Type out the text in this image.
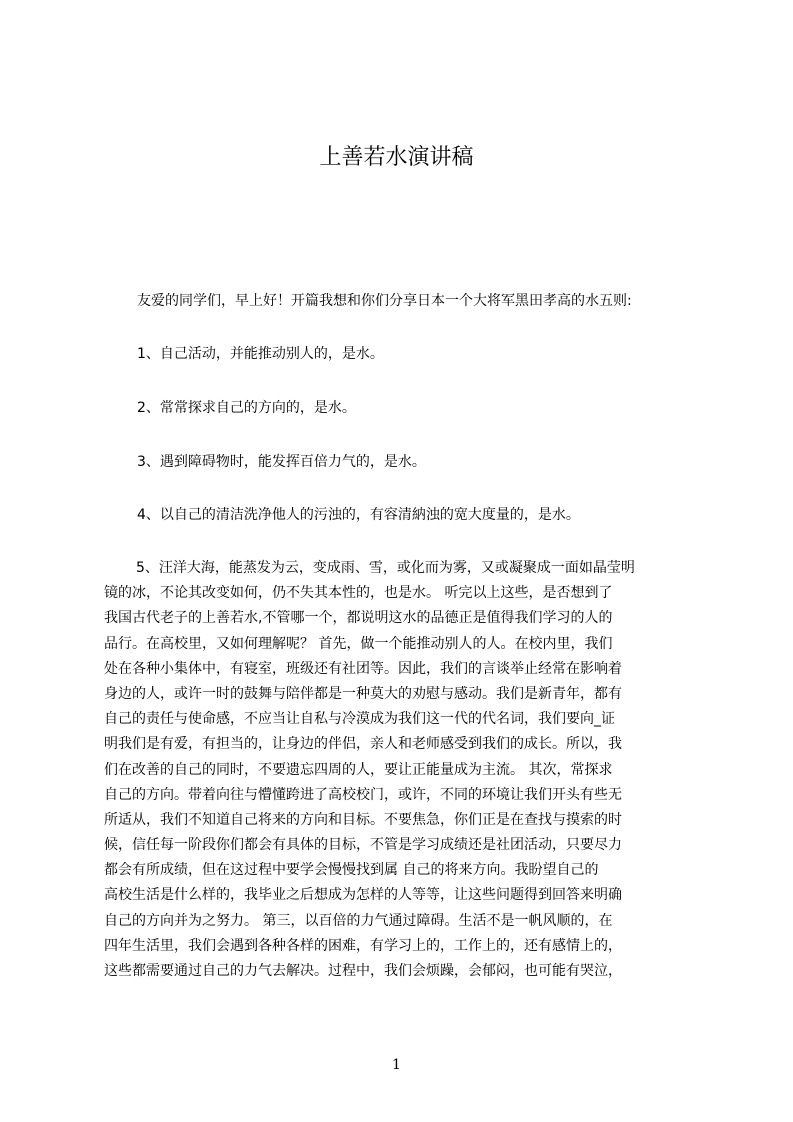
上善若水演讲稿

友爱的同学们，早上好！开篇我想和你们分享日本一个大将军黑田孝高的水五则:

1、自己活动，并能推动别人的，是水。

2、常常探求自己的方向的，是水。

3、遇到障碍物时，能发挥百倍力气的，是水。

4、以自己的清洁洗净他人的污浊的，有容清納浊的宽大度量的，是水。

5、汪洋大海，能蒸发为云，变成雨、雪，或化而为雾，又或凝聚成一面如晶莹明
镜的冰，不论其改变如何，仍不失其本性的，也是水。 听完以上这些，是否想到了
我国古代老子的上善若水,不管哪一个，都说明这水的品德正是值得我们学习的人的
品行。在高校里，又如何理解呢？ 首先，做一个能推动别人的人。在校内里，我们
处在各种小集体中，有寝室，班级还有社团等。因此，我们的言谈举止经常在影响着
身边的人，或许一时的鼓舞与陪伴都是一种莫大的劝慰与感动。我们是新青年，都有
自己的责任与使命感，不应当让自私与冷漠成为我们这一代的代名词，我们要向_证
明我们是有爱，有担当的，让身边的伴侣，亲人和老师感受到我们的成长。所以，我
们在改善的自己的同时，不要遗忘四周的人，要让正能量成为主流。 其次，常探求
自己的方向。带着向往与懵懂跨进了高校校门，或许，不同的环境让我们开头有些无
所适从，我们不知道自己将来的方向和目标。不要焦急，你们正是在查找与摸索的时
候，信任每一阶段你们都会有具体的目标，不管是学习成绩还是社团活动，只要尽力
都会有所成绩，但在这过程中要学会慢慢找到属 自己的将来方向。我盼望自己的
高校生活是什么样的，我毕业之后想成为怎样的人等等，让这些问题得到回答来明确
自己的方向并为之努力。 第三，以百倍的力气通过障碍。生活不是一帆风顺的，在
四年生活里，我们会遇到各种各样的困难，有学习上的，工作上的，还有感情上的，
这些都需要通过自己的力气去解决。过程中，我们会烦躁，会郁闷，也可能有哭泣，
1
